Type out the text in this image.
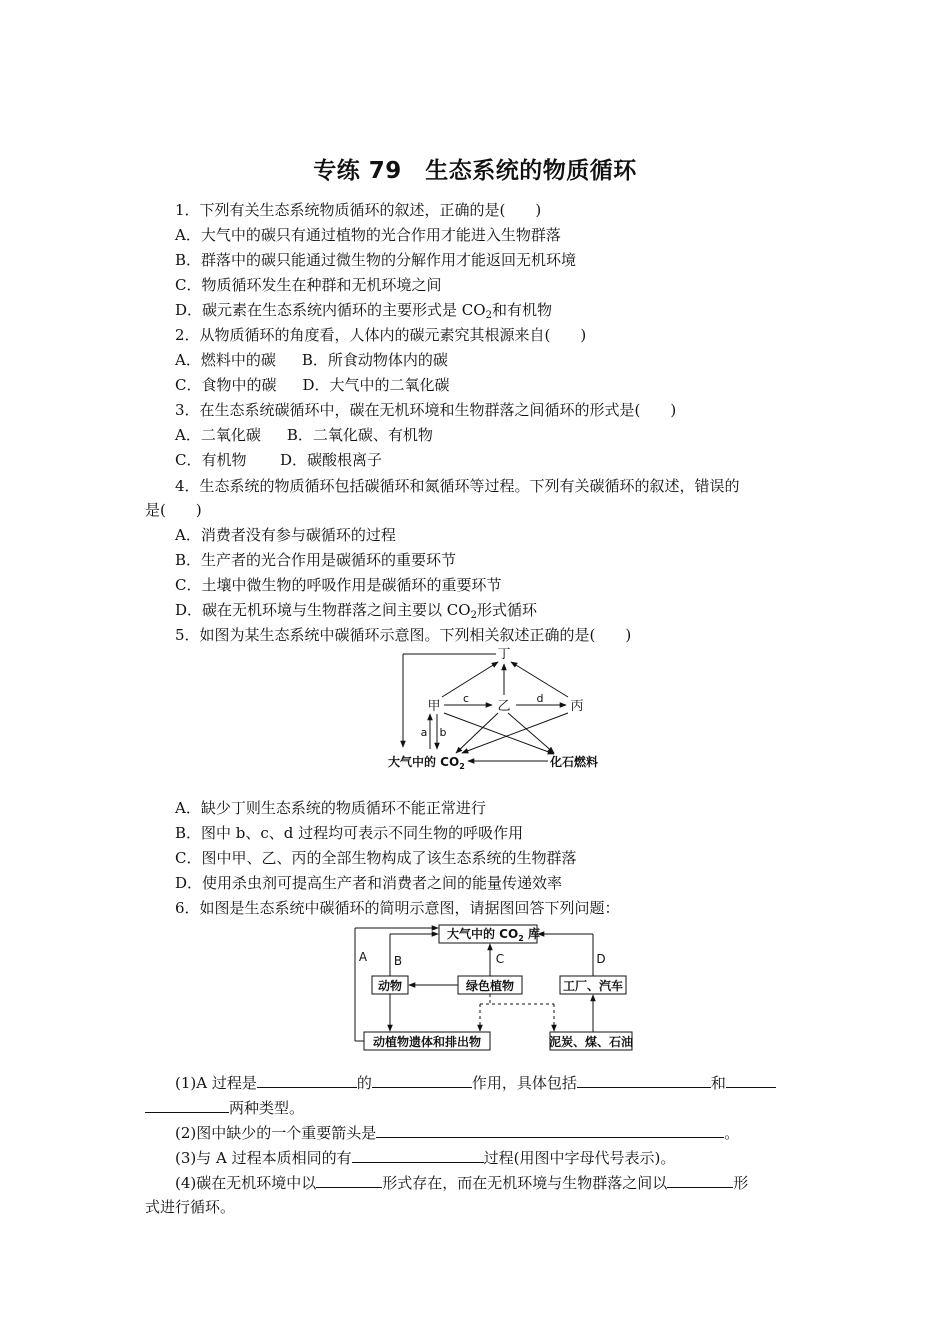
专练 79　生态系统的物质循环
1．下列有关生态系统物质循环的叙述，正确的是(　　)
A．大气中的碳只有通过植物的光合作用才能进入生物群落
B．群落中的碳只能通过微生物的分解作用才能返回无机环境
C．物质循环发生在种群和无机环境之间
D．碳元素在生态系统内循环的主要形式是 $CO_2$和有机物
2．从物质循环的角度看，人体内的碳元素究其根源来自(　　)
A．燃料中的碳 B．所食动物体内的碳
C．食物中的碳 D．大气中的二氧化碳
3．在生态系统碳循环中，碳在无机环境和生物群落之间循环的形式是(　　)
A．二氧化碳 B．二氧化碳、有机物
C．有机物 D．碳酸根离子
4．生态系统的物质循环包括碳循环和氮循环等过程。下列有关碳循环的叙述，错误的
是(　　)
A．消费者没有参与碳循环的过程
B．生产者的光合作用是碳循环的重要环节
C．土壤中微生物的呼吸作用是碳循环的重要环节
D．碳在无机环境与生物群落之间主要以 $CO_2$形式循环
5．如图为某生态系统中碳循环示意图。下列相关叙述正确的是(　　)
丁
甲	乙	丙
c	d
a b
大气中的 $CO_2$	化石燃料
A．缺少丁则生态系统的物质循环不能正常进行
B．图中 b、c、d 过程均可表示不同生物的呼吸作用
C．图中甲、乙、丙的全部生物构成了该生态系统的生物群落
D．使用杀虫剂可提高生产者和消费者之间的能量传递效率
6．如图是生态系统中碳循环的简明示意图，请据图回答下列问题：
大气中的 $CO_2$ 库
动物	绿色植物	工厂、汽车
动植物遗体和排出物	泥炭、煤、石油
A B	C	D
(1)A 过程是	的	作用，具体包括	和
两种类型。
(2)图中缺少的一个重要箭头是	。
(3)与 A 过程本质相同的有	过程(用图中字母代号表示)。
(4)碳在无机环境中以	形式存在，而在无机环境与生物群落之间以	形
式进行循环。
